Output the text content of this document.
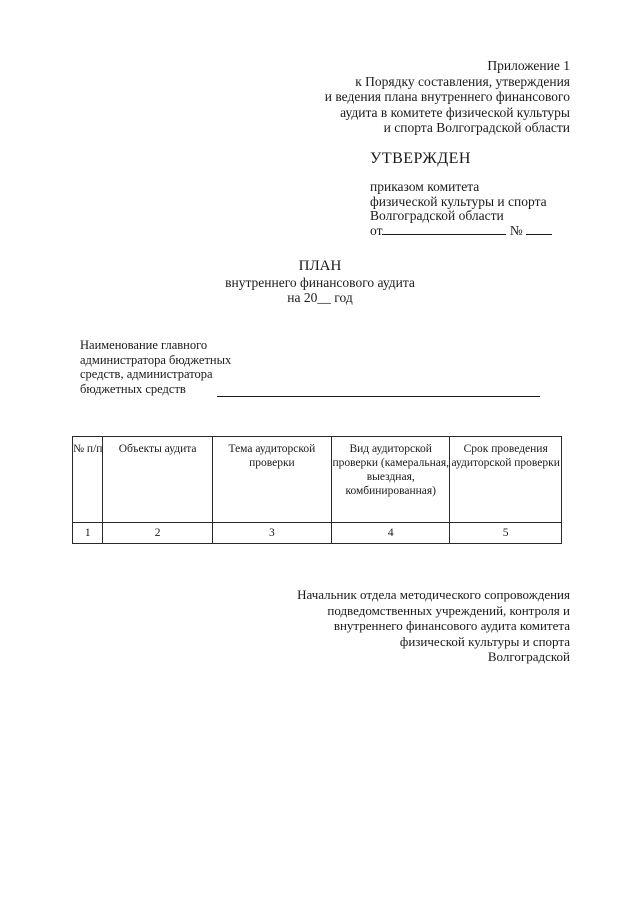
Приложение 1
к Порядку составления, утверждения
и ведения плана внутреннего финансового
аудита в комитете физической культуры
и спорта Волгоградской области
УТВЕРЖДЕН
приказом комитета
физической культуры и спорта
Волгоградской области
от	№
ПЛАН
внутреннего финансового аудита
на 20__ год
Наименование главного
администратора бюджетных
средств, администратора
бюджетных средств
№ п/п	Объекты аудита	Тема аудиторской проверки	Вид аудиторской проверки (камеральная, выездная, комбинированная)	Срок проведения аудиторской проверки
1	2	3	4	5
Начальник отдела методического сопровождения
подведомственных учреждений, контроля и
внутреннего финансового аудита комитета
физической культуры и спорта
Волгоградской
